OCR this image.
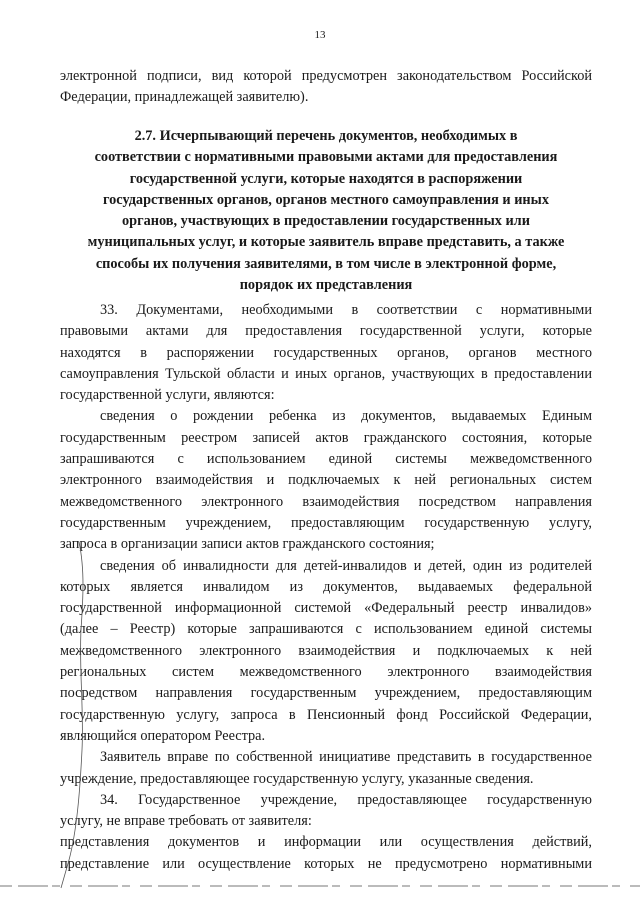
13
электронной подписи, вид которой предусмотрен законодательством Российской
Федерации, принадлежащей заявителю).
2.7. Исчерпывающий перечень документов, необходимых в
соответствии с нормативными правовыми актами для предоставления
государственной услуги, которые находятся в распоряжении
государственных органов, органов местного самоуправления и иных
органов, участвующих в предоставлении государственных или
муниципальных услуг, и которые заявитель вправе представить, а также
способы их получения заявителями, в том числе в электронной форме,
порядок их представления
33. Документами, необходимыми в соответствии с нормативными
правовыми актами для предоставления государственной услуги, которые
находятся в распоряжении государственных органов, органов местного
самоуправления Тульской области и иных органов, участвующих в предоставлении
государственной услуги, являются:
сведения о рождении ребенка из документов, выдаваемых Единым
государственным реестром записей актов гражданского состояния, которые
запрашиваются с использованием единой системы межведомственного
электронного взаимодействия и подключаемых к ней региональных систем
межведомственного электронного взаимодействия посредством направления
государственным учреждением, предоставляющим государственную услугу,
запроса в организации записи актов гражданского состояния;
сведения об инвалидности для детей-инвалидов и детей, один из родителей
которых является инвалидом из документов, выдаваемых федеральной
государственной информационной системой «Федеральный реестр инвалидов»
(далее – Реестр) которые запрашиваются с использованием единой системы
межведомственного электронного взаимодействия и подключаемых к ней
региональных систем межведомственного электронного взаимодействия
посредством направления государственным учреждением, предоставляющим
государственную услугу, запроса в Пенсионный фонд Российской Федерации,
являющийся оператором Реестра.
Заявитель вправе по собственной инициативе представить в государственное
учреждение, предоставляющее государственную услугу, указанные сведения.
34. Государственное учреждение, предоставляющее государственную
услугу, не вправе требовать от заявителя:
представления документов и информации или осуществления действий,
представление или осуществление которых не предусмотрено нормативными
